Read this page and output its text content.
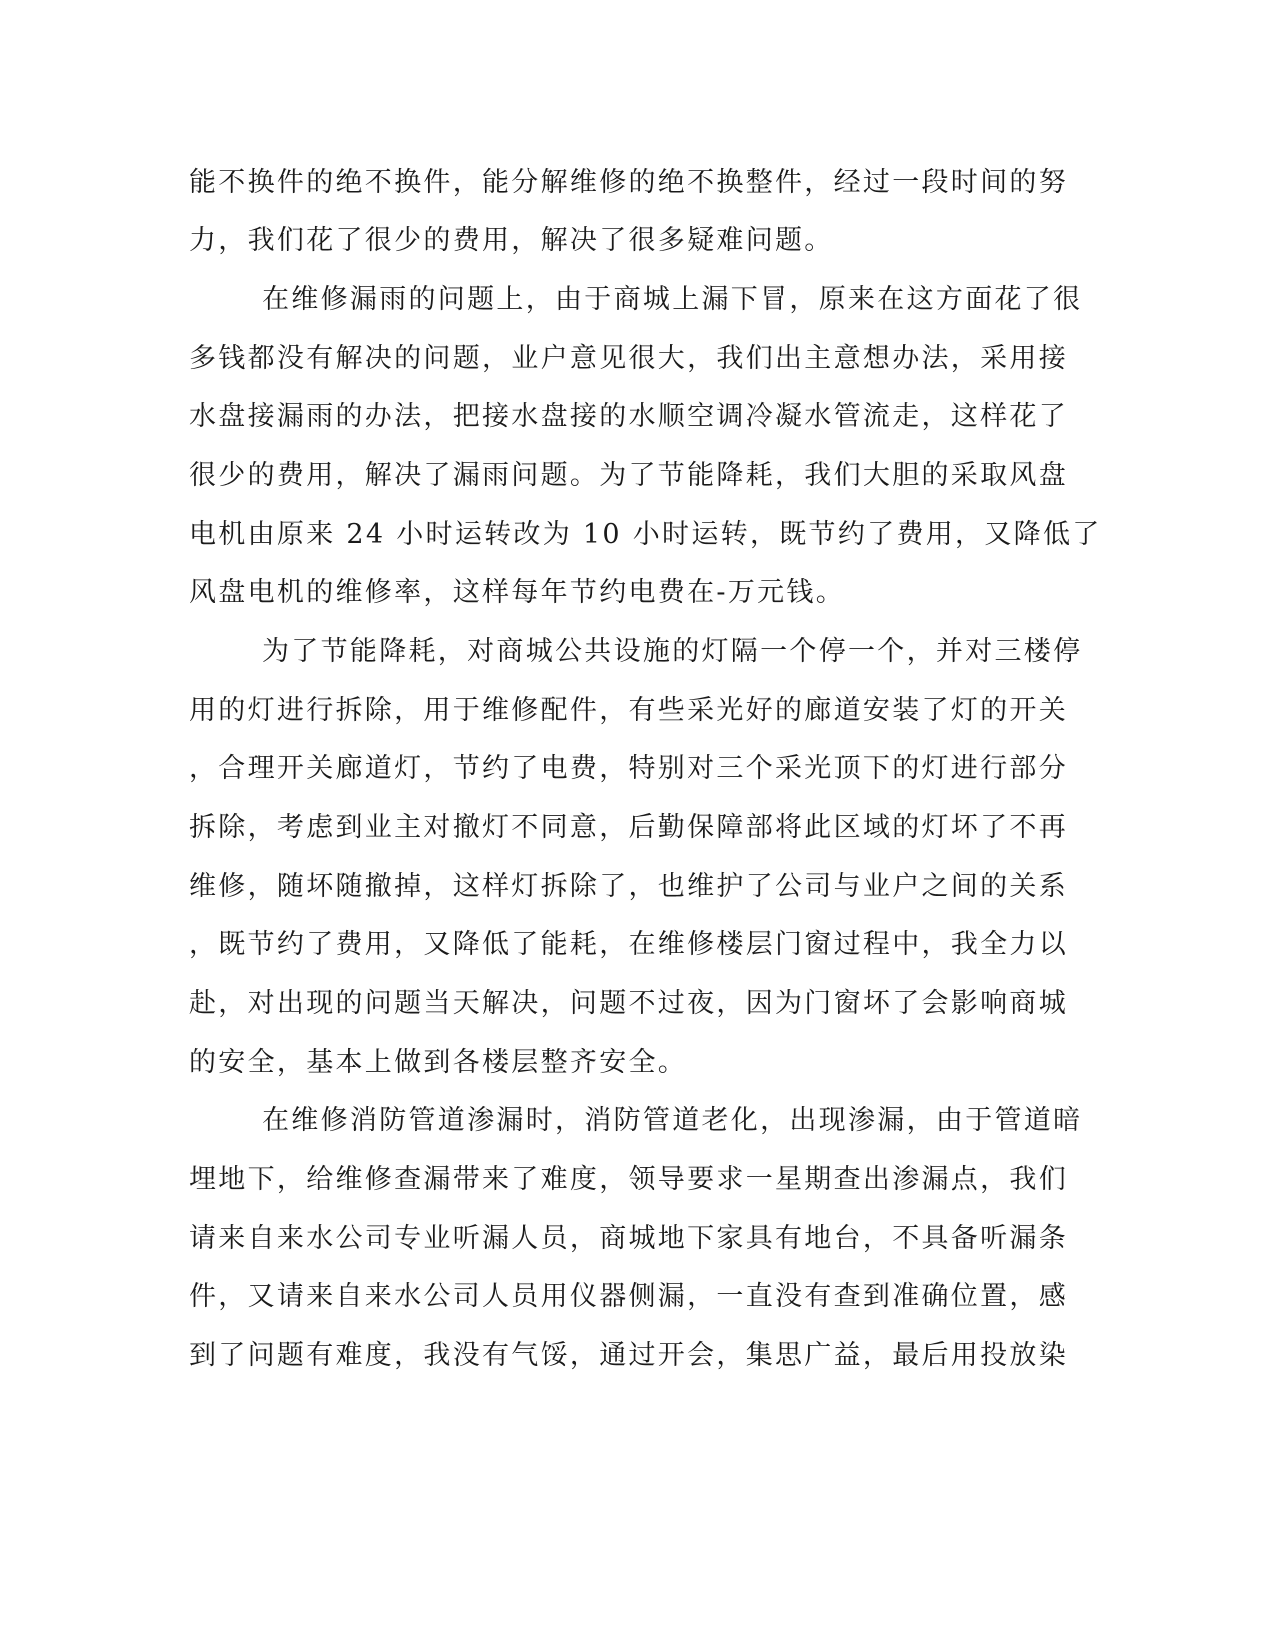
能不换件的绝不换件，能分解维修的绝不换整件，经过一段时间的努
力，我们花了很少的费用，解决了很多疑难问题。
在维修漏雨的问题上，由于商城上漏下冒，原来在这方面花了很
多钱都没有解决的问题，业户意见很大，我们出主意想办法，采用接
水盘接漏雨的办法，把接水盘接的水顺空调冷凝水管流走，这样花了
很少的费用，解决了漏雨问题。为了节能降耗，我们大胆的采取风盘
电机由原来 24 小时运转改为 10 小时运转，既节约了费用，又降低了
风盘电机的维修率，这样每年节约电费在-万元钱。
为了节能降耗，对商城公共设施的灯隔一个停一个，并对三楼停
用的灯进行拆除，用于维修配件，有些采光好的廊道安装了灯的开关
，合理开关廊道灯，节约了电费，特别对三个采光顶下的灯进行部分
拆除，考虑到业主对撤灯不同意，后勤保障部将此区域的灯坏了不再
维修，随坏随撤掉，这样灯拆除了，也维护了公司与业户之间的关系
，既节约了费用，又降低了能耗，在维修楼层门窗过程中，我全力以
赴，对出现的问题当天解决，问题不过夜，因为门窗坏了会影响商城
的安全，基本上做到各楼层整齐安全。
在维修消防管道渗漏时，消防管道老化，出现渗漏，由于管道暗
埋地下，给维修查漏带来了难度，领导要求一星期查出渗漏点，我们
请来自来水公司专业听漏人员，商城地下家具有地台，不具备听漏条
件，又请来自来水公司人员用仪器侧漏，一直没有查到准确位置，感
到了问题有难度，我没有气馁，通过开会，集思广益，最后用投放染
